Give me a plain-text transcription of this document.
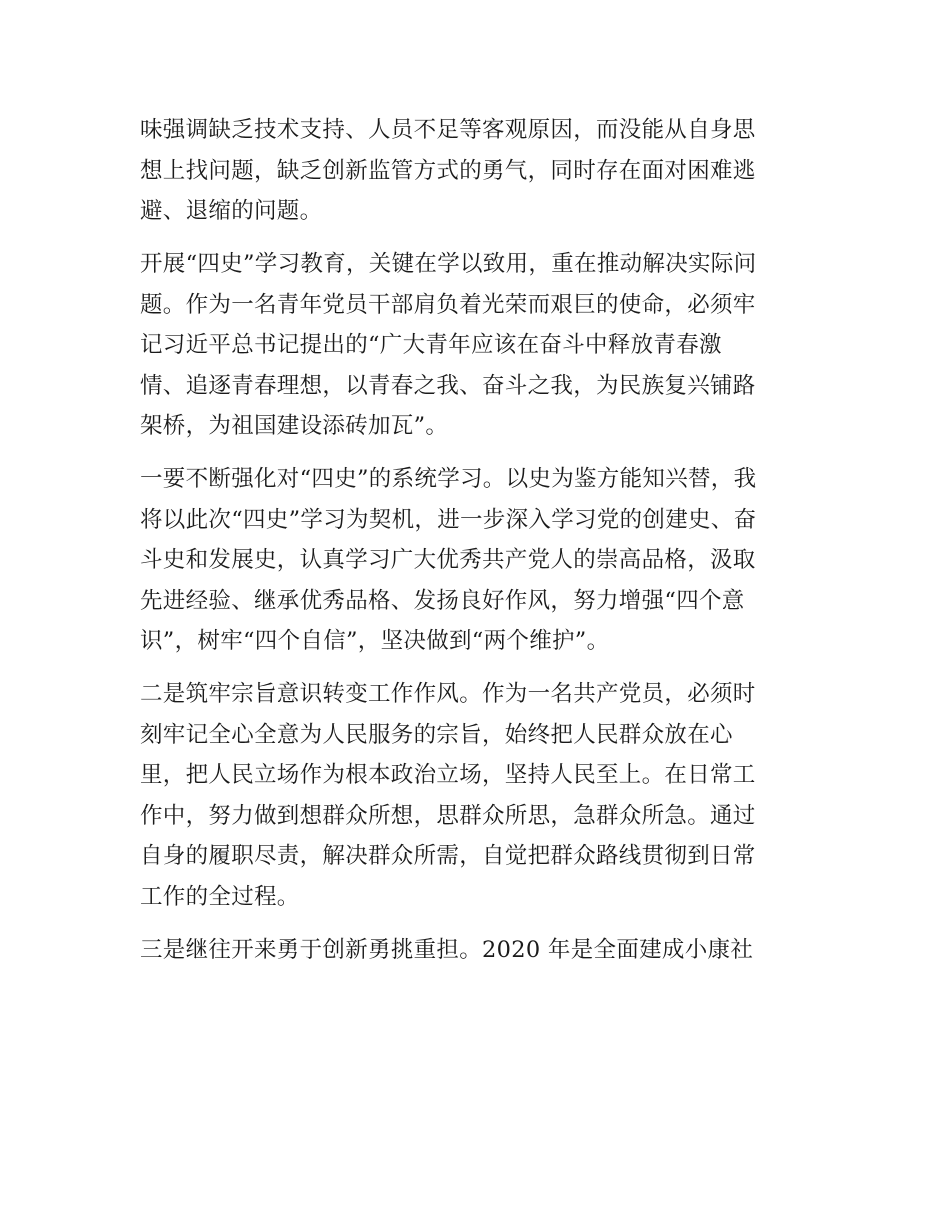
味强调缺乏技术支持、人员不足等客观原因，而没能从自身思
想上找问题，缺乏创新监管方式的勇气，同时存在面对困难逃
避、退缩的问题。
开展“四史”学习教育，关键在学以致用，重在推动解决实际问
题。作为一名青年党员干部肩负着光荣而艰巨的使命，必须牢
记习近平总书记提出的“广大青年应该在奋斗中释放青春激
情、追逐青春理想，以青春之我、奋斗之我，为民族复兴铺路
架桥，为祖国建设添砖加瓦”。
一要不断强化对“四史”的系统学习。以史为鉴方能知兴替，我
将以此次“四史”学习为契机，进一步深入学习党的创建史、奋
斗史和发展史，认真学习广大优秀共产党人的崇高品格，汲取
先进经验、继承优秀品格、发扬良好作风，努力增强“四个意
识”，树牢“四个自信”，坚决做到“两个维护”。
二是筑牢宗旨意识转变工作作风。作为一名共产党员，必须时
刻牢记全心全意为人民服务的宗旨，始终把人民群众放在心
里，把人民立场作为根本政治立场，坚持人民至上。在日常工
作中，努力做到想群众所想，思群众所思，急群众所急。通过
自身的履职尽责，解决群众所需，自觉把群众路线贯彻到日常
工作的全过程。
三是继往开来勇于创新勇挑重担。2020 年是全面建成小康社
